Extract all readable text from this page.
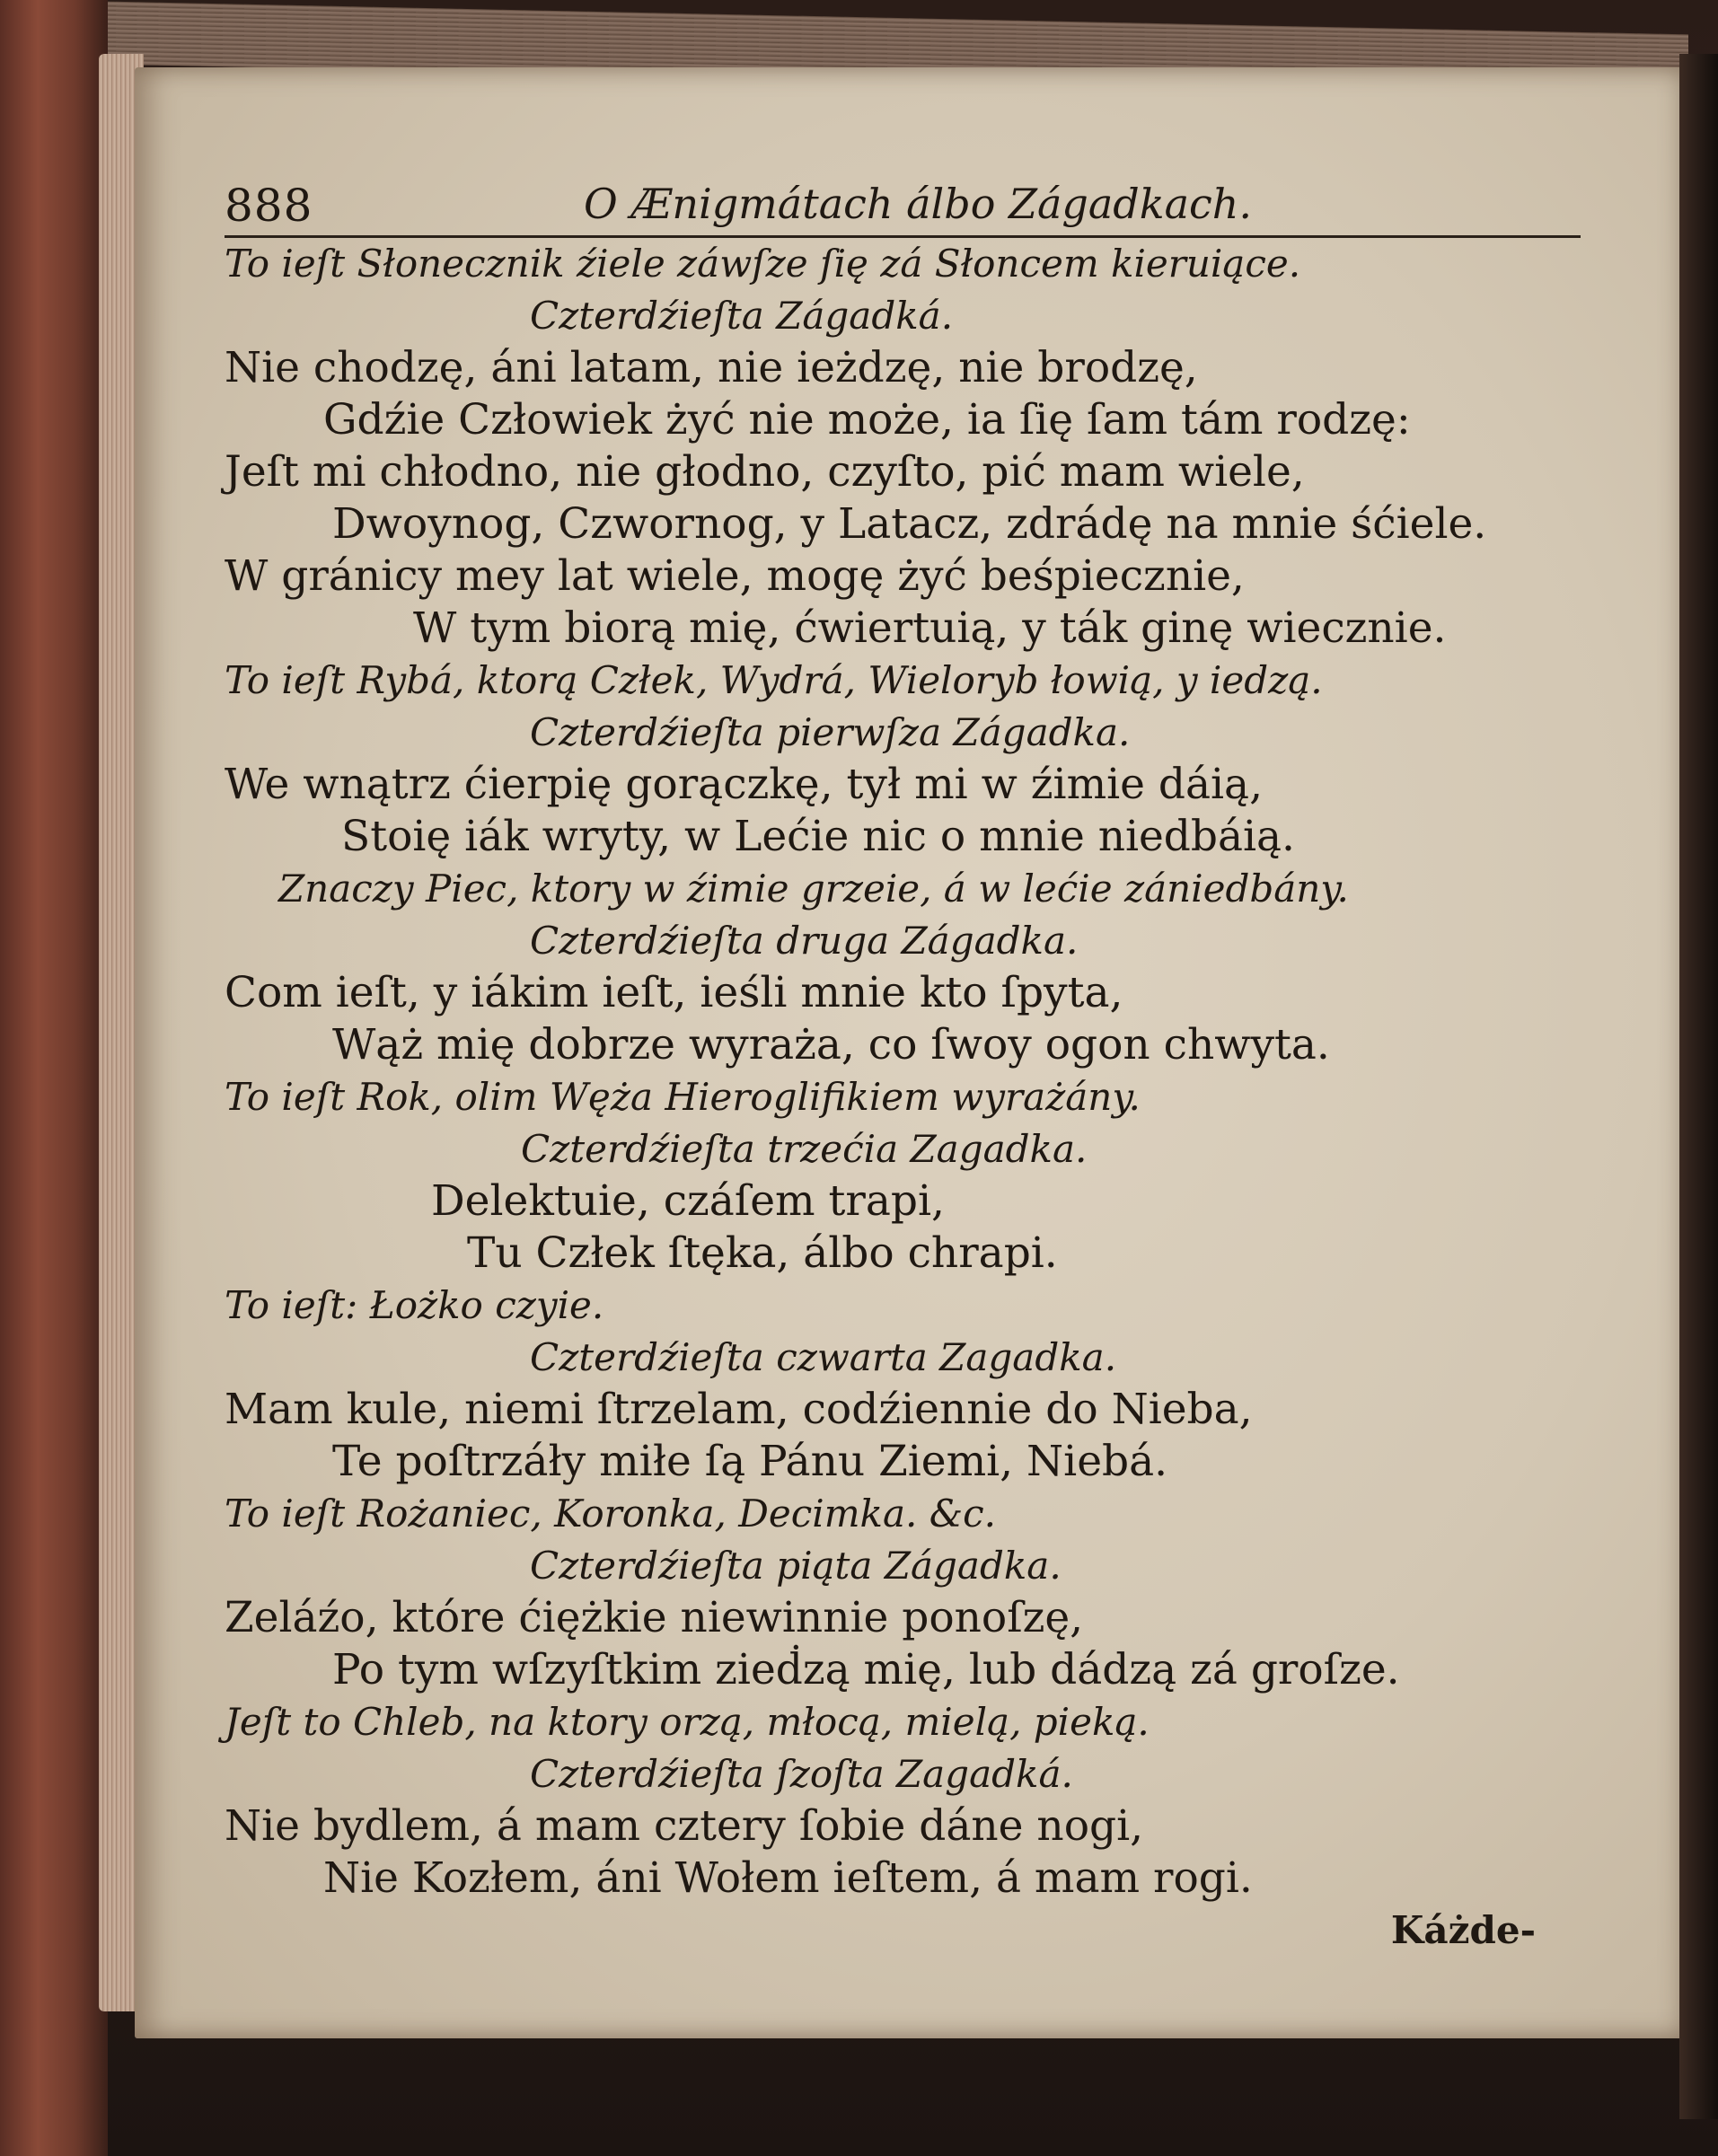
888	O Ænigmátach álbo Zágadkach.
To ieſt Słonecznik źiele záwſze ſię zá Słoncem kieruiące.
Czterdźieſta Zágadká.
Nie chodzę, áni latam, nie ieżdzę, nie brodzę,
Gdźie Człowiek żyć nie może, ia ſię ſam tám rodzę:
Jeſt mi chłodno, nie głodno, czyſto, pić mam wiele,
Dwoynog, Czwornog, y Latacz, zdrádę na mnie śćiele.
W gránicy mey lat wiele, mogę żyć beśpiecznie,
W tym biorą mię, ćwiertuią, y ták ginę wiecznie.
To ieſt Rybá, ktorą Człek, Wydrá, Wieloryb łowią, y iedzą.
Czterdźieſta pierwſza Zágadka.
We wnątrz ćierpię gorączkę, tył mi w źimie dáią,
Stoię iák wryty, w Lećie nic o mnie niedbáią.
Znaczy Piec, ktory w źimie grzeie, á w lećie zániedbány.
Czterdźieſta druga Zágadka.
Com ieſt, y iákim ieſt, ieśli mnie kto ſpyta,
Wąż mię dobrze wyraża, co ſwoy ogon chwyta.
To ieſt Rok, olim Węża Hieroglifikiem wyrażány.
Czterdźieſta trzećia Zagadka.
Delektuie, czáſem trapi,
Tu Człek ſtęka, álbo chrapi.
To ieſt: Łożko czyie.
Czterdźieſta czwarta Zagadka.
Mam kule, niemi ſtrzelam, codźiennie do Nieba,
Te poſtrzáły miłe ſą Pánu Ziemi, Niebá.
To ieſt Rożaniec, Koronka, Decimka. &c.
Czterdźieſta piąta Zágadka.
Zeláźo, które ćiężkie niewinnie ponoſzę,
Po tym wſzyſtkim zieḋzą mię, lub dádzą zá groſze.
Jeſt to Chleb, na ktory orzą, młocą, mielą, pieką.
Czterdźieſta ſzoſta Zagadká.
Nie bydlem, á mam cztery ſobie dáne nogi,
Nie Kozłem, áni Wołem ieſtem, á mam rogi.
Káżde-
